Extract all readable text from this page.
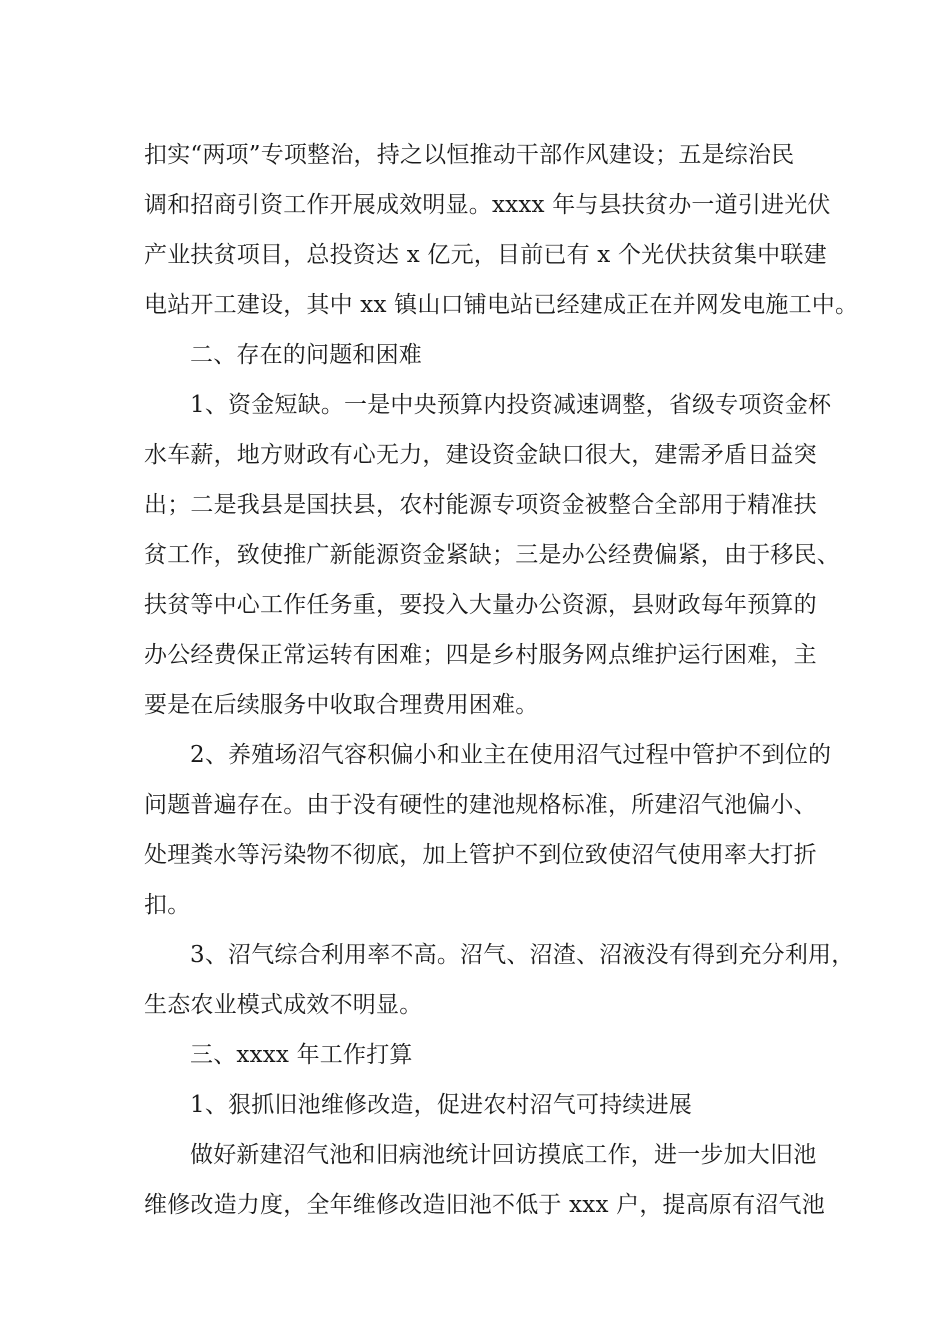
扣实“两项”专项整治，持之以恒推动干部作风建设；五是综治民
调和招商引资工作开展成效明显。xxxx 年与县扶贫办一道引进光伏
产业扶贫项目，总投资达 x 亿元，目前已有 x 个光伏扶贫集中联建
电站开工建设，其中 xx 镇山口铺电站已经建成正在并网发电施工中。
二、存在的问题和困难
1、资金短缺。一是中央预算内投资减速调整，省级专项资金杯
水车薪，地方财政有心无力，建设资金缺口很大，建需矛盾日益突
出；二是我县是国扶县，农村能源专项资金被整合全部用于精准扶
贫工作，致使推广新能源资金紧缺；三是办公经费偏紧，由于移民、
扶贫等中心工作任务重，要投入大量办公资源，县财政每年预算的
办公经费保正常运转有困难；四是乡村服务网点维护运行困难，主
要是在后续服务中收取合理费用困难。
2、养殖场沼气容积偏小和业主在使用沼气过程中管护不到位的
问题普遍存在。由于没有硬性的建池规格标准，所建沼气池偏小、
处理粪水等污染物不彻底，加上管护不到位致使沼气使用率大打折
扣。
3、沼气综合利用率不高。沼气、沼渣、沼液没有得到充分利用，
生态农业模式成效不明显。
三、xxxx 年工作打算
1、狠抓旧池维修改造，促进农村沼气可持续进展
做好新建沼气池和旧病池统计回访摸底工作，进一步加大旧池
维修改造力度，全年维修改造旧池不低于 xxx 户，提高原有沼气池
